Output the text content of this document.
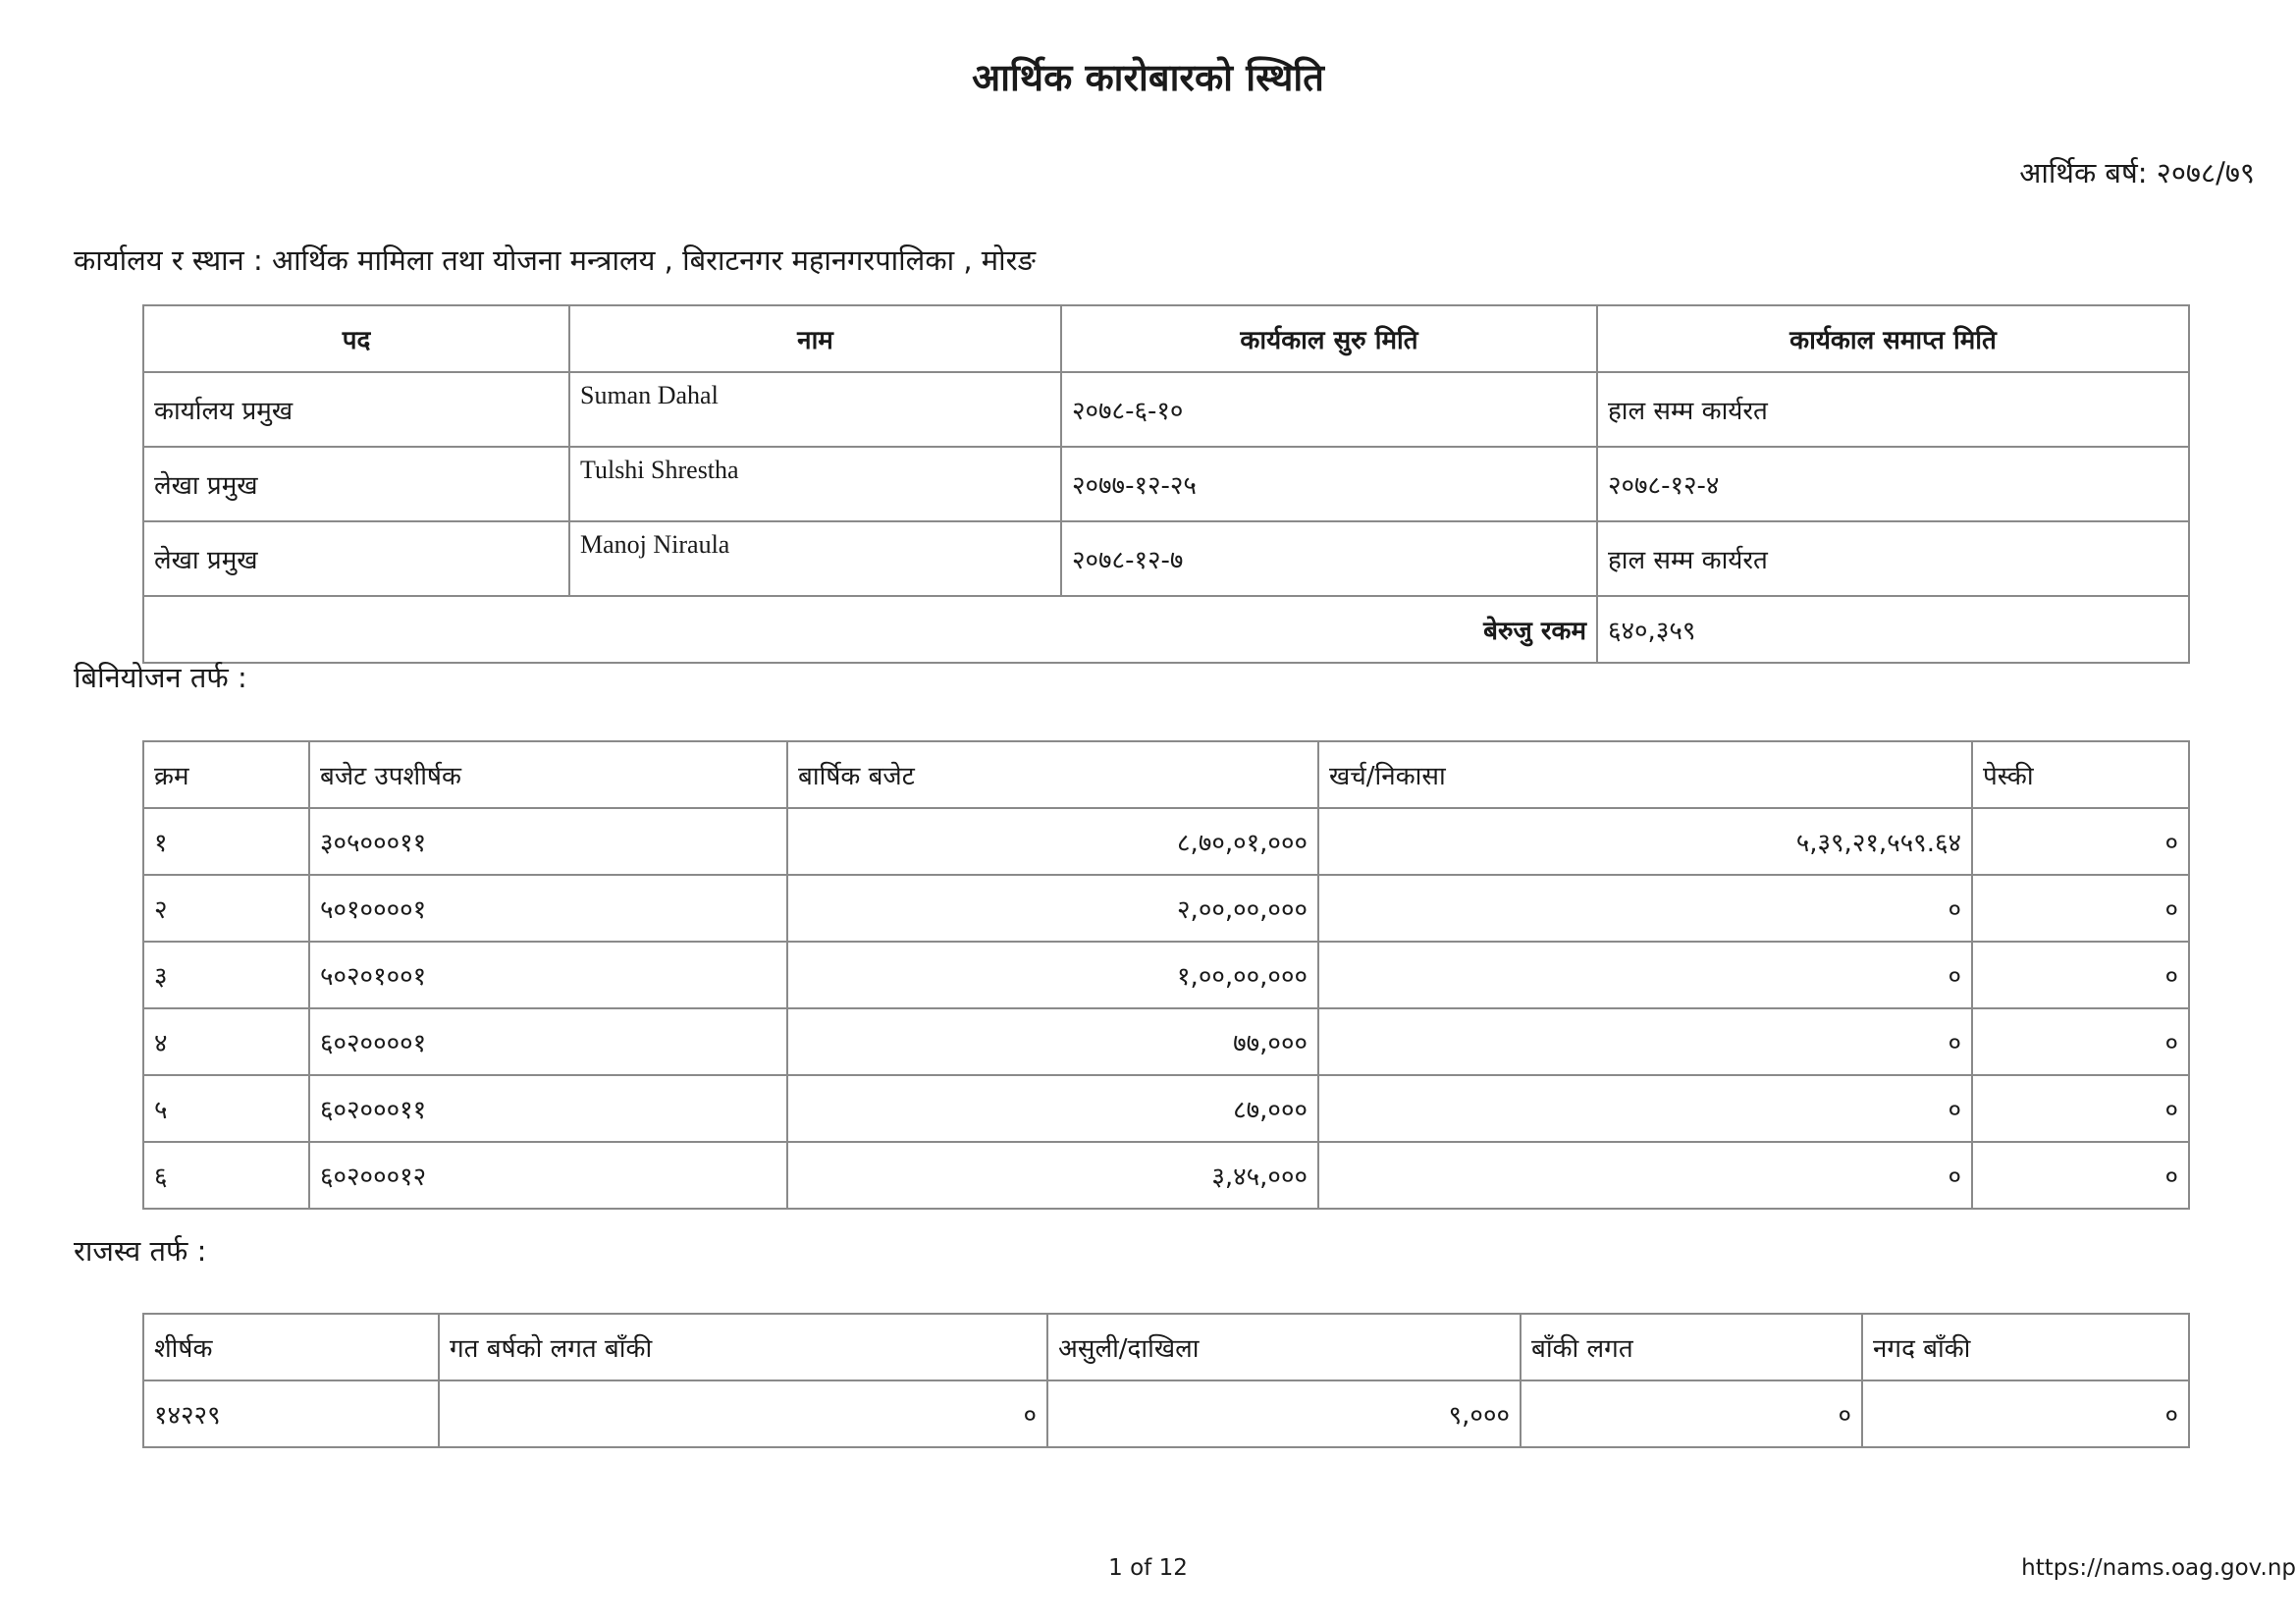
आर्थिक कारोबारको स्थिति
आर्थिक बर्ष: २०७८/७९
कार्यालय र स्थान : आर्थिक मामिला तथा योजना मन्त्रालय , बिराटनगर महानगरपालिका , मोरङ
पद	नाम	कार्यकाल सुरु मिति	कार्यकाल समाप्त मिति
कार्यालय प्रमुख	Suman Dahal	२०७८-६-१०	हाल सम्म कार्यरत
लेखा प्रमुख	Tulshi Shrestha	२०७७-१२-२५	२०७८-१२-४
लेखा प्रमुख	Manoj Niraula	२०७८-१२-७	हाल सम्म कार्यरत
बेरुजु रकम			६४०,३५९
बिनियोजन तर्फ :
क्रम	बजेट उपशीर्षक	बार्षिक बजेट	खर्च/निकासा	पेस्की
१	३०५०००११	८,७०,०१,०००	५,३९,२१,५५९.६४	०
२	५०१००००१	२,००,००,०००	०	०
३	५०२०१००१	१,००,००,०००	०	०
४	६०२००००१	७७,०००	०	०
५	६०२०००११	८७,०००	०	०
६	६०२०००१२	३,४५,०००	०	०
राजस्व तर्फ :
शीर्षक	गत बर्षको लगत बाँकी	असुली/दाखिला	बाँकी लगत	नगद बाँकी
१४२२९	०	९,०००	०	०
1 of 12	https://nams.oag.gov.np
